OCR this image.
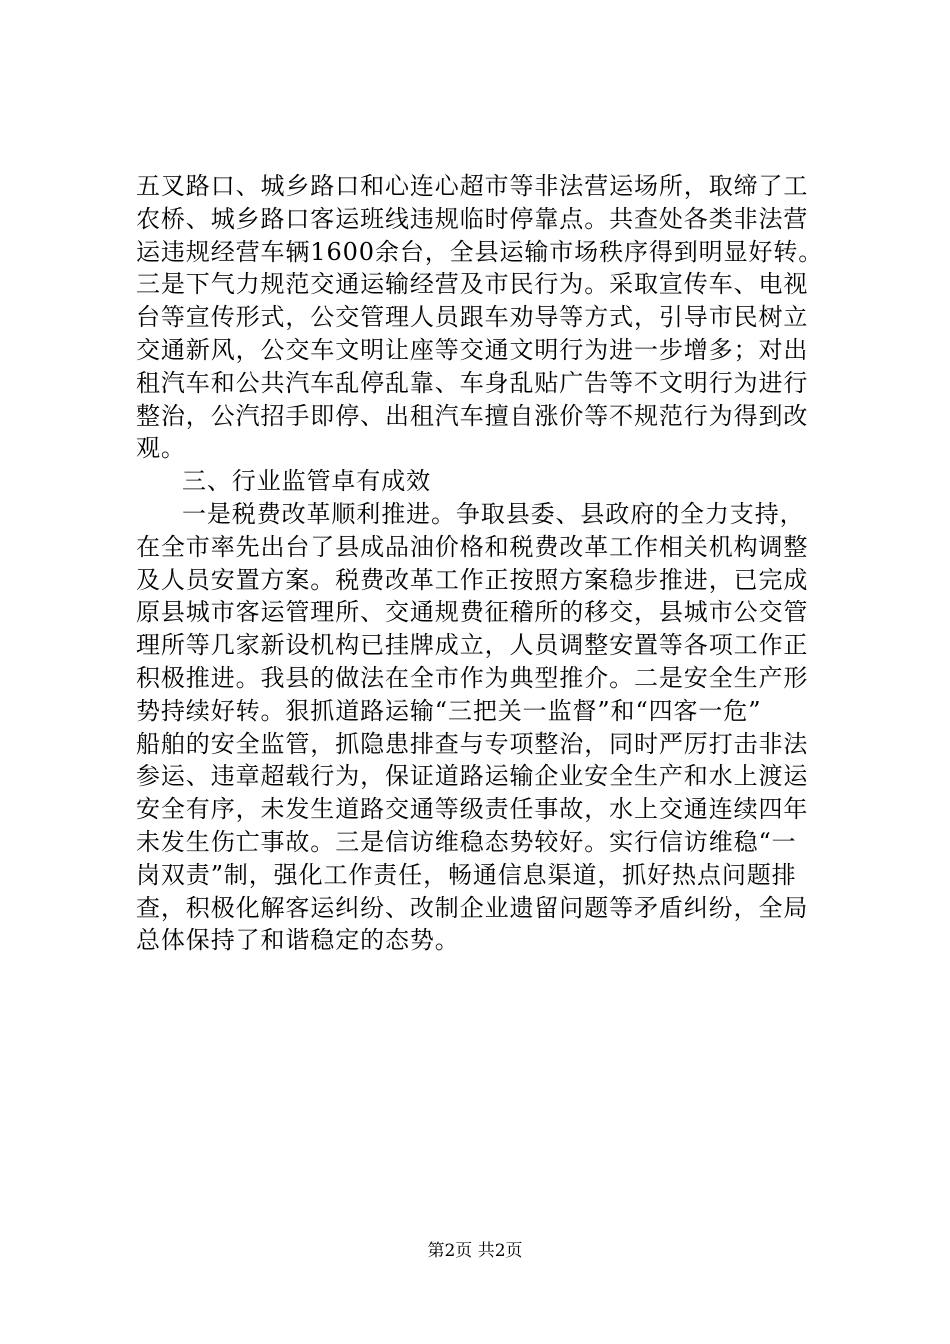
五叉路口、城乡路口和心连心超市等非法营运场所，取缔了工
农桥、城乡路口客运班线违规临时停靠点。共查处各类非法营
运违规经营车辆1600余台，全县运输市场秩序得到明显好转。
三是下气力规范交通运输经营及市民行为。采取宣传车、电视
台等宣传形式，公交管理人员跟车劝导等方式，引导市民树立
交通新风，公交车文明让座等交通文明行为进一步增多；对出
租汽车和公共汽车乱停乱靠、车身乱贴广告等不文明行为进行
整治，公汽招手即停、出租汽车擅自涨价等不规范行为得到改
观。
三、行业监管卓有成效
一是税费改革顺利推进。争取县委、县政府的全力支持，
在全市率先出台了县成品油价格和税费改革工作相关机构调整
及人员安置方案。税费改革工作正按照方案稳步推进，已完成
原县城市客运管理所、交通规费征稽所的移交，县城市公交管
理所等几家新设机构已挂牌成立，人员调整安置等各项工作正
积极推进。我县的做法在全市作为典型推介。二是安全生产形
势持续好转。狠抓道路运输“三把关一监督”和“四客一危”
船舶的安全监管，抓隐患排查与专项整治，同时严厉打击非法
参运、违章超载行为，保证道路运输企业安全生产和水上渡运
安全有序，未发生道路交通等级责任事故，水上交通连续四年
未发生伤亡事故。三是信访维稳态势较好。实行信访维稳“一
岗双责”制，强化工作责任，畅通信息渠道，抓好热点问题排
查，积极化解客运纠纷、改制企业遗留问题等矛盾纠纷，全局
总体保持了和谐稳定的态势。
第2页 共2页
